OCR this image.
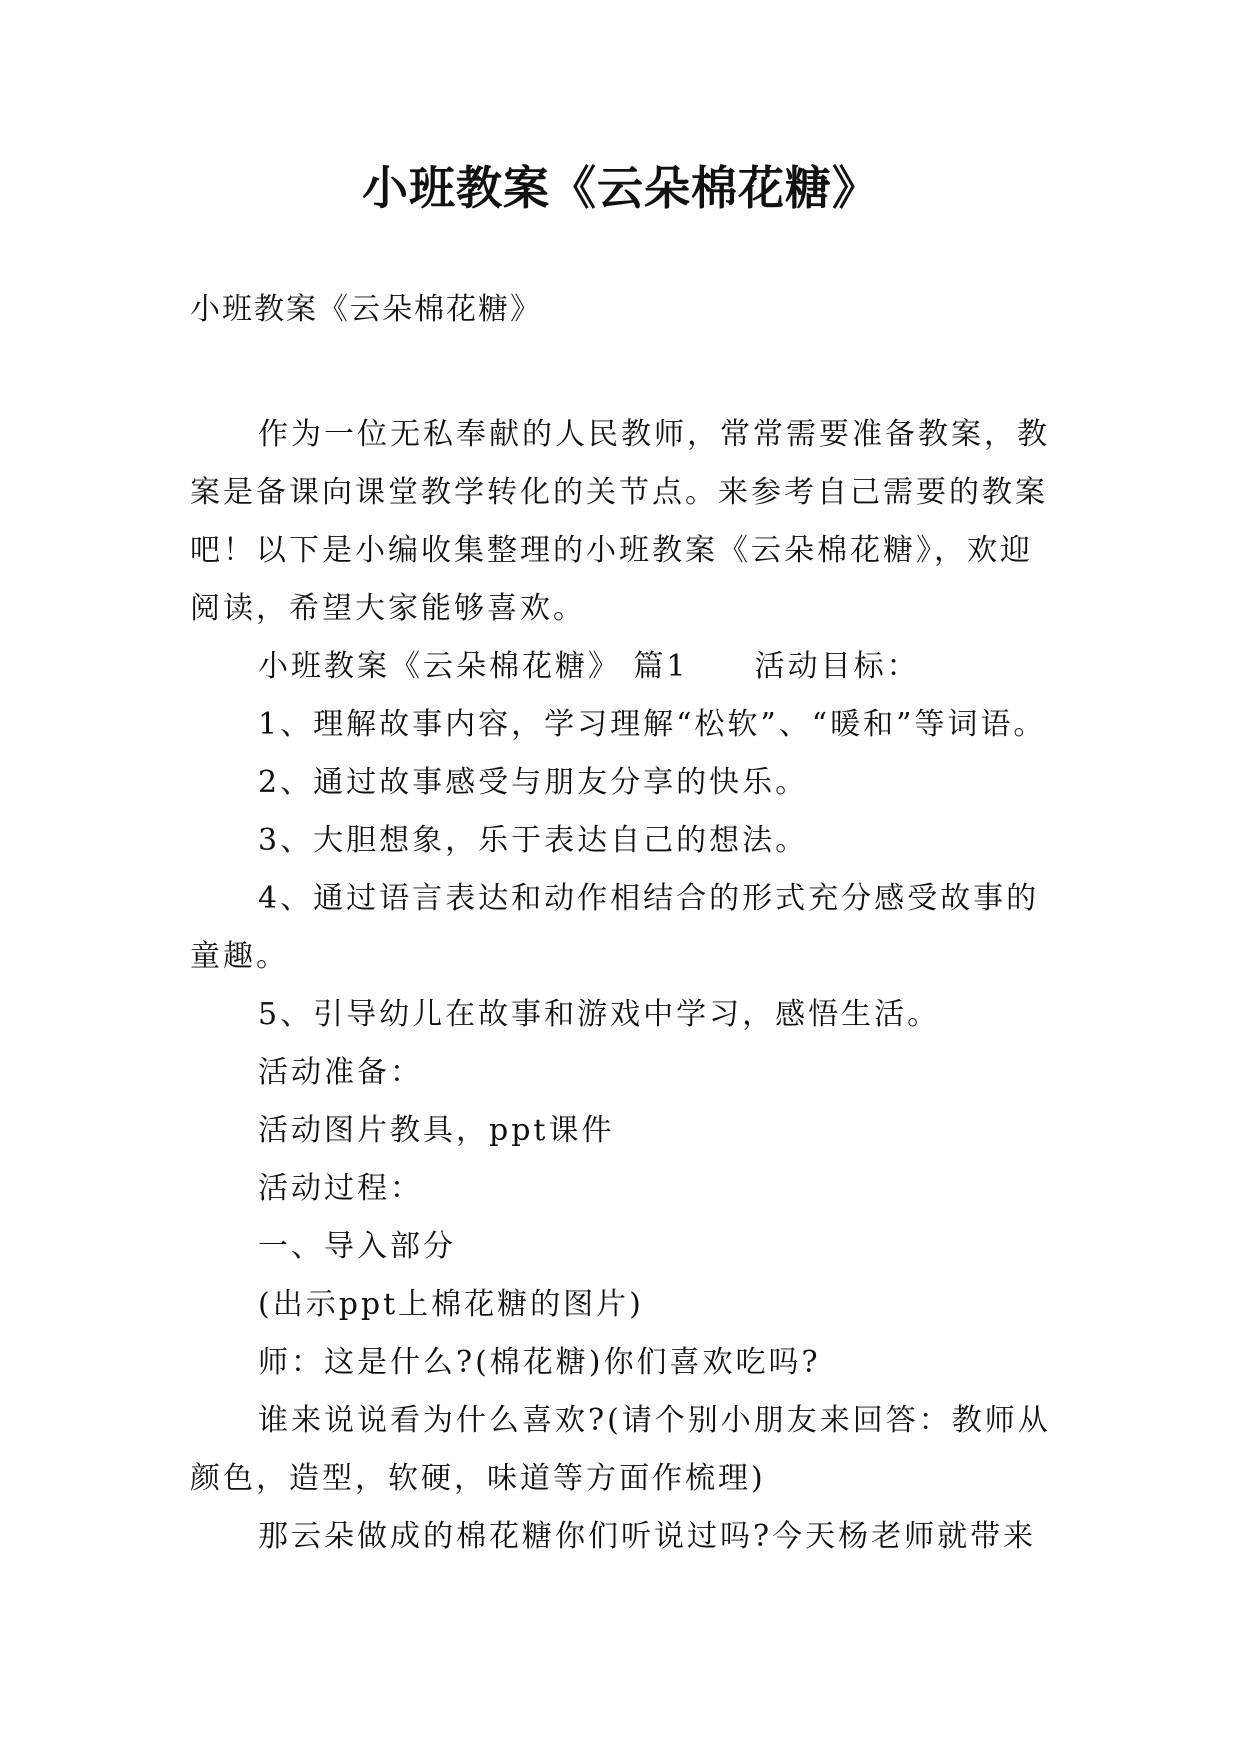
小班教案《云朵棉花糖》
小班教案《云朵棉花糖》

作为一位无私奉献的人民教师，常常需要准备教案，教案是备课向课堂教学转化的关节点。来参考自己需要的教案吧！以下是小编收集整理的小班教案《云朵棉花糖》，欢迎阅读，希望大家能够喜欢。

小班教案《云朵棉花糖》 篇1　　活动目标：

1、理解故事内容，学习理解“松软”、“暖和”等词语。

2、通过故事感受与朋友分享的快乐。

3、大胆想象，乐于表达自己的想法。

4、通过语言表达和动作相结合的形式充分感受故事的童趣。

5、引导幼儿在故事和游戏中学习，感悟生活。

活动准备：

活动图片教具，ppt课件

活动过程：

一、导入部分

(出示ppt上棉花糖的图片)

师：这是什么?(棉花糖)你们喜欢吃吗?

谁来说说看为什么喜欢?(请个别小朋友来回答：教师从颜色，造型，软硬，味道等方面作梳理)

那云朵做成的棉花糖你们听说过吗?今天杨老师就带来
